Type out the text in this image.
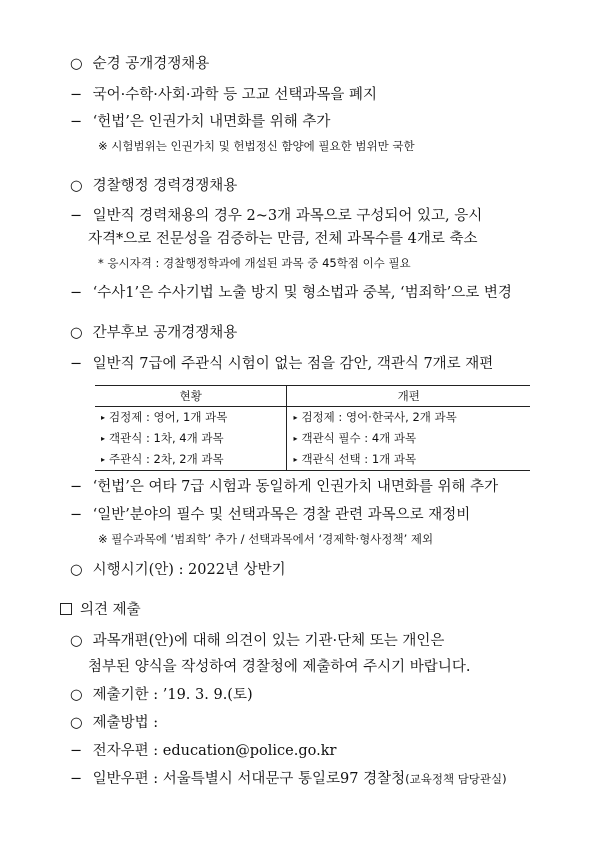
○ 순경 공개경쟁채용
− 국어·수학·사회·과학 등 고교 선택과목을 폐지
− ‘헌법’은 인권가치 내면화를 위해 추가
※ 시험범위는 인권가치 및 헌법정신 함양에 필요한 범위만 국한
○ 경찰행정 경력경쟁채용
− 일반직 경력채용의 경우 2~3개 과목으로 구성되어 있고, 응시
자격*으로 전문성을 검증하는 만큼, 전체 과목수를 4개로 축소
* 응시자격 : 경찰행정학과에 개설된 과목 중 45학점 이수 필요
− ‘수사1’은 수사기법 노출 방지 및 형소법과 중복, ‘범죄학’으로 변경
○ 간부후보 공개경쟁채용
− 일반직 7급에 주관식 시험이 없는 점을 감안, 객관식 7개로 재편
현황	개편
▸ 검정제 : 영어, 1개 과목	▸ 검정제 : 영어·한국사, 2개 과목
▸ 객관식 : 1차, 4개 과목	▸ 객관식 필수 : 4개 과목
▸ 주관식 : 2차, 2개 과목	▸ 객관식 선택 : 1개 과목
− ‘헌법’은 여타 7급 시험과 동일하게 인권가치 내면화를 위해 추가
− ‘일반’분야의 필수 및 선택과목은 경찰 관련 과목으로 재정비
※ 필수과목에 ‘범죄학’ 추가 / 선택과목에서 ‘경제학·형사정책’ 제외
○ 시행시기(안) : 2022년 상반기
의견 제출
○ 과목개편(안)에 대해 의견이 있는 기관·단체 또는 개인은
첨부된 양식을 작성하여 경찰청에 제출하여 주시기 바랍니다.
○ 제출기한 : ’19. 3. 9.(토)
○ 제출방법 :
− 전자우편 : education@police.go.kr
− 일반우편 : 서울특별시 서대문구 통일로97 경찰청(교육정책 담당관실)
